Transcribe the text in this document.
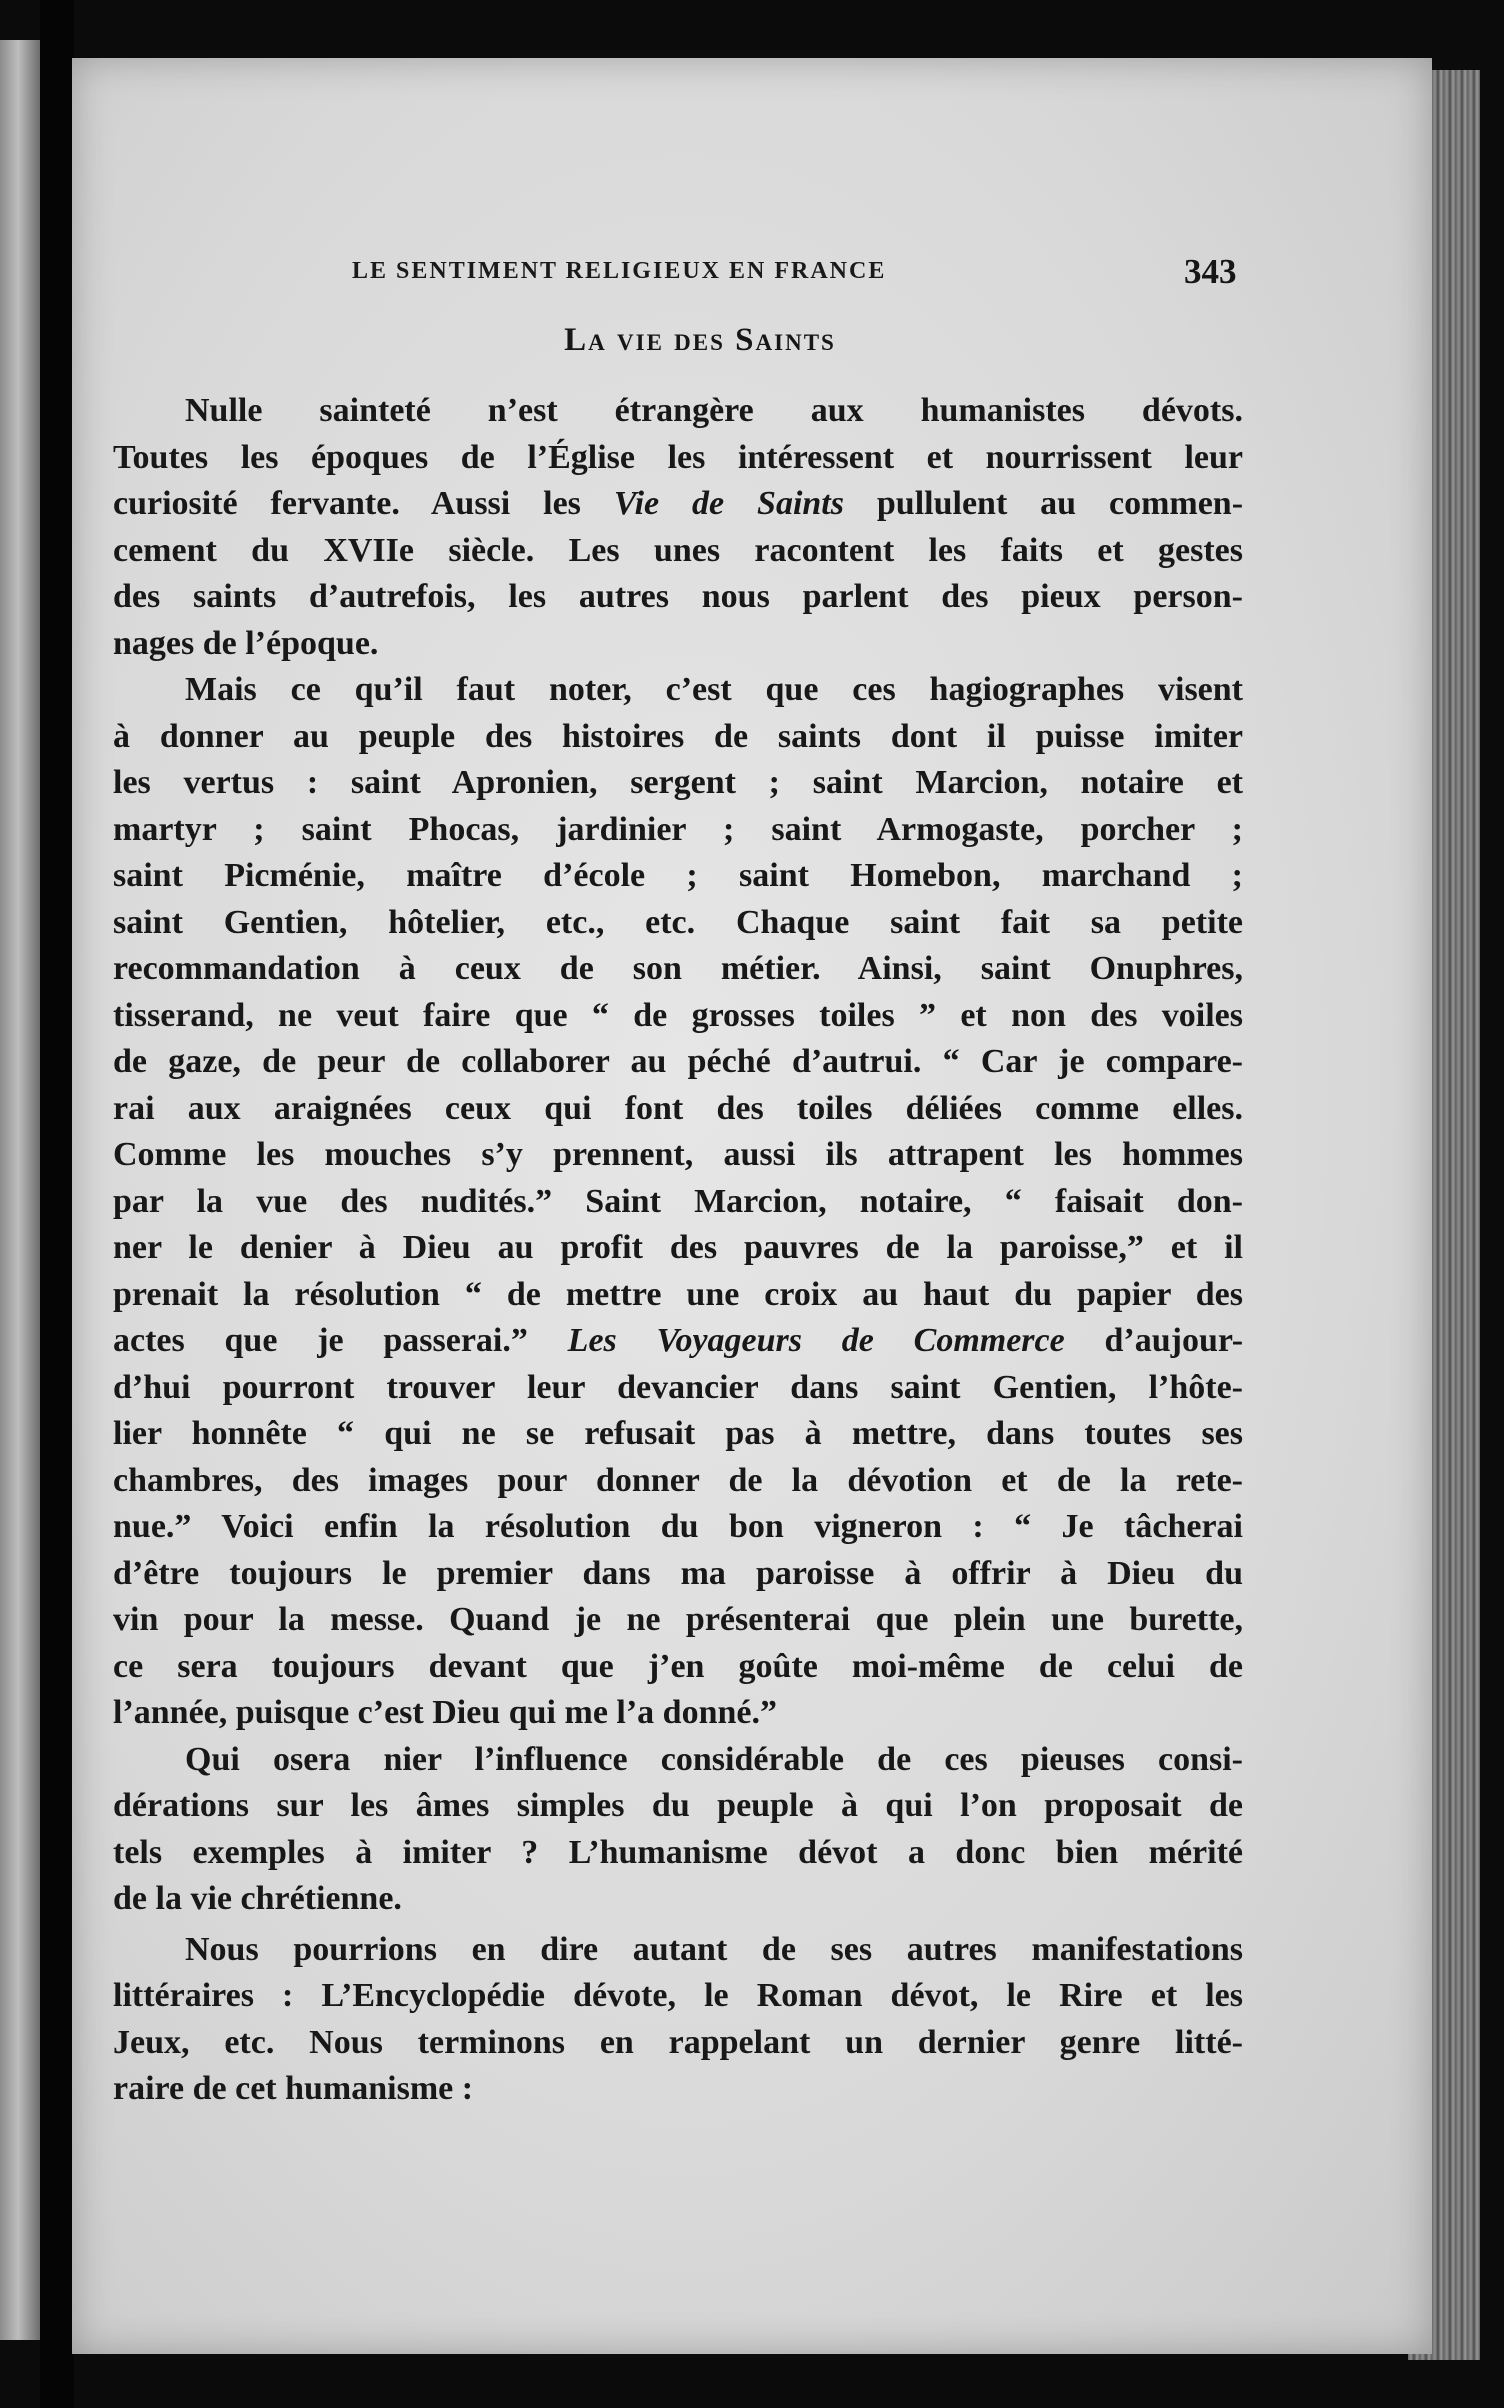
LE SENTIMENT RELIGIEUX EN FRANCE	343
La vie des Saints
Nulle sainteté n’est étrangère aux humanistes dévots.
Toutes les époques de l’Église les intéressent et nourrissent leur
curiosité fervante. Aussi les Vie de Saints pullulent au commen-
cement du XVIIe siècle. Les unes racontent les faits et gestes
des saints d’autrefois, les autres nous parlent des pieux person-
nages de l’époque.
Mais ce qu’il faut noter, c’est que ces hagiographes visent
à donner au peuple des histoires de saints dont il puisse imiter
les vertus : saint Apronien, sergent ; saint Marcion, notaire et
martyr ; saint Phocas, jardinier ; saint Armogaste, porcher ;
saint Picménie, maître d’école ; saint Homebon, marchand ;
saint Gentien, hôtelier, etc., etc. Chaque saint fait sa petite
recommandation à ceux de son métier. Ainsi, saint Onuphres,
tisserand, ne veut faire que “ de grosses toiles ” et non des voiles
de gaze, de peur de collaborer au péché d’autrui. “ Car je compare-
rai aux araignées ceux qui font des toiles déliées comme elles.
Comme les mouches s’y prennent, aussi ils attrapent les hommes
par la vue des nudités.” Saint Marcion, notaire, “ faisait don-
ner le denier à Dieu au profit des pauvres de la paroisse,” et il
prenait la résolution “ de mettre une croix au haut du papier des
actes que je passerai.” Les Voyageurs de Commerce d’aujour-
d’hui pourront trouver leur devancier dans saint Gentien, l’hôte-
lier honnête “ qui ne se refusait pas à mettre, dans toutes ses
chambres, des images pour donner de la dévotion et de la rete-
nue.” Voici enfin la résolution du bon vigneron : “ Je tâcherai
d’être toujours le premier dans ma paroisse à offrir à Dieu du
vin pour la messe. Quand je ne présenterai que plein une burette,
ce sera toujours devant que j’en goûte moi-même de celui de
l’année, puisque c’est Dieu qui me l’a donné.”
Qui osera nier l’influence considérable de ces pieuses consi-
dérations sur les âmes simples du peuple à qui l’on proposait de
tels exemples à imiter ? L’humanisme dévot a donc bien mérité
de la vie chrétienne.
Nous pourrions en dire autant de ses autres manifestations
littéraires : L’Encyclopédie dévote, le Roman dévot, le Rire et les
Jeux, etc. Nous terminons en rappelant un dernier genre litté-
raire de cet humanisme :
